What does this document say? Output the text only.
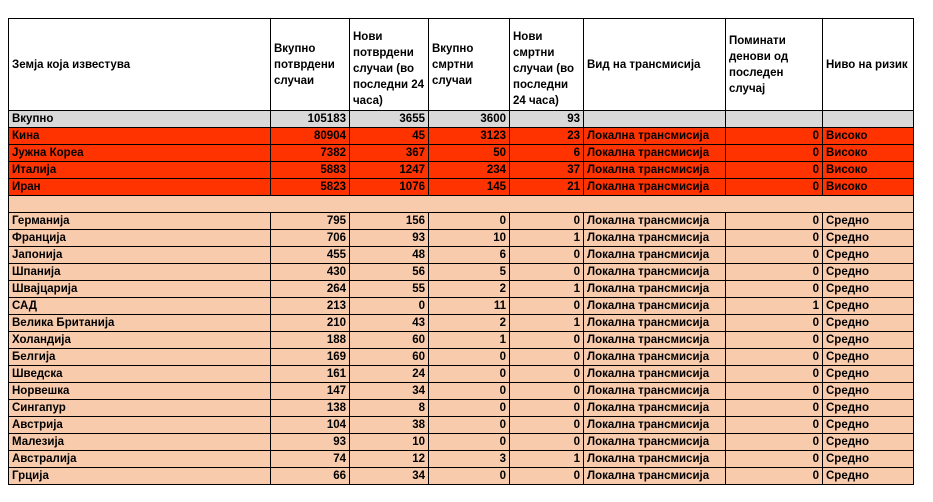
Земја која известува	Вкупно потврдени случаи	Нови потврдени случаи (во последни 24 часа)	Вкупно смртни случаи	Нови смртни случаи (во последни 24 часа)	Вид на трансмисија	Поминати денови од последен случај	Ниво на ризик
Вкупно	105183	3655	3600	93			
Кина	80904	45	3123	23	Локална трансмисија	0	Високо
Јужна Кореа	7382	367	50	6	Локална трансмисија	0	Високо
Италија	5883	1247	234	37	Локална трансмисија	0	Високо
Иран	5823	1076	145	21	Локална трансмисија	0	Високо

Германија	795	156	0	0	Локална трансмисија	0	Средно
Франција	706	93	10	1	Локална трансмисија	0	Средно
Јапонија	455	48	6	0	Локална трансмисија	0	Средно
Шпанија	430	56	5	0	Локална трансмисија	0	Средно
Швајцарија	264	55	2	1	Локална трансмисија	0	Средно
САД	213	0	11	0	Локална трансмисија	1	Средно
Велика Британија	210	43	2	1	Локална трансмисија	0	Средно
Холандија	188	60	1	0	Локална трансмисија	0	Средно
Белгија	169	60	0	0	Локална трансмисија	0	Средно
Шведска	161	24	0	0	Локална трансмисија	0	Средно
Норвешка	147	34	0	0	Локална трансмисија	0	Средно
Сингапур	138	8	0	0	Локална трансмисија	0	Средно
Австрија	104	38	0	0	Локална трансмисија	0	Средно
Малезија	93	10	0	0	Локална трансмисија	0	Средно
Австралија	74	12	3	1	Локална трансмисија	0	Средно
Грција	66	34	0	0	Локална трансмисија	0	Средно
